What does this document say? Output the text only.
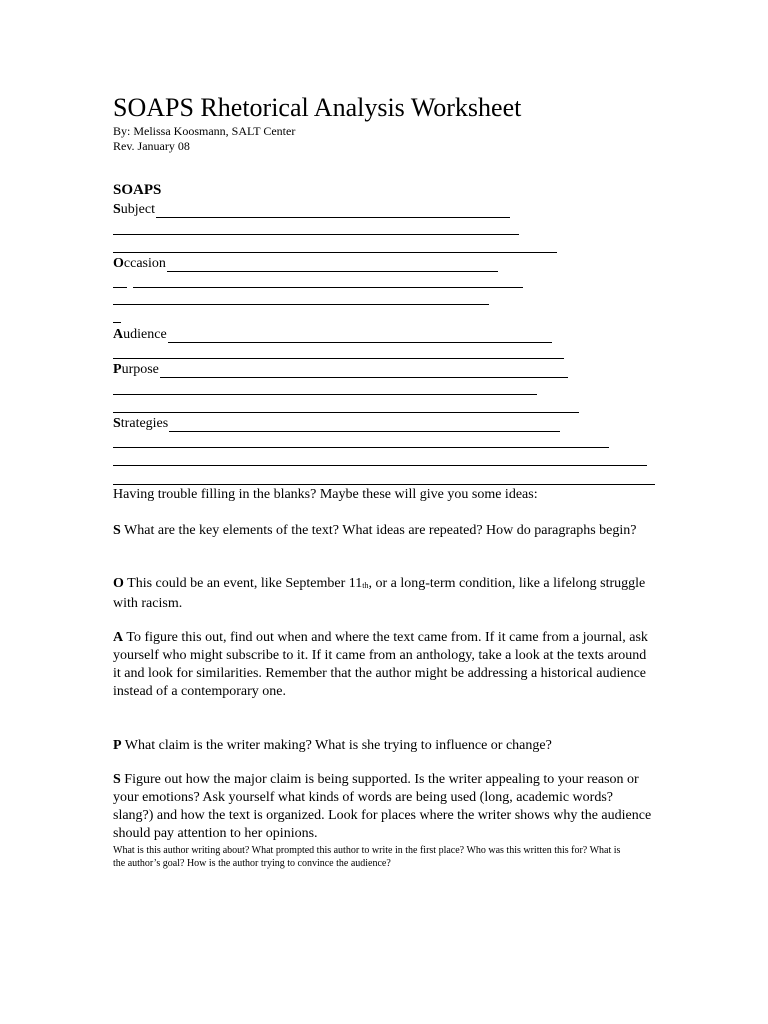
SOAPS Rhetorical Analysis Worksheet
By: Melissa Koosmann, SALT Center
Rev. January 08
SOAPS
S ubject
O ccasion
A udience
P urpose
S trategies
Having trouble filling in the blanks? Maybe these will give you some ideas:
S What are the key elements of the text? What ideas are repeated? How do paragraphs begin?
O This could be an event, like September 11th, or a long-term condition, like a lifelong struggle with racism.
A To figure this out, find out when and where the text came from. If it came from a journal, ask yourself who might subscribe to it. If it came from an anthology, take a look at the texts around it and look for similarities. Remember that the author might be addressing a historical audience instead of a contemporary one.
P What claim is the writer making? What is she trying to influence or change?
S Figure out how the major claim is being supported. Is the writer appealing to your reason or your emotions? Ask yourself what kinds of words are being used (long, academic words? slang?) and how the text is organized. Look for places where the writer shows why the audience should pay attention to her opinions.
What is this author writing about? What prompted this author to write in the first place? Who was this written this for? What is the author’s goal? How is the author trying to convince the audience?
